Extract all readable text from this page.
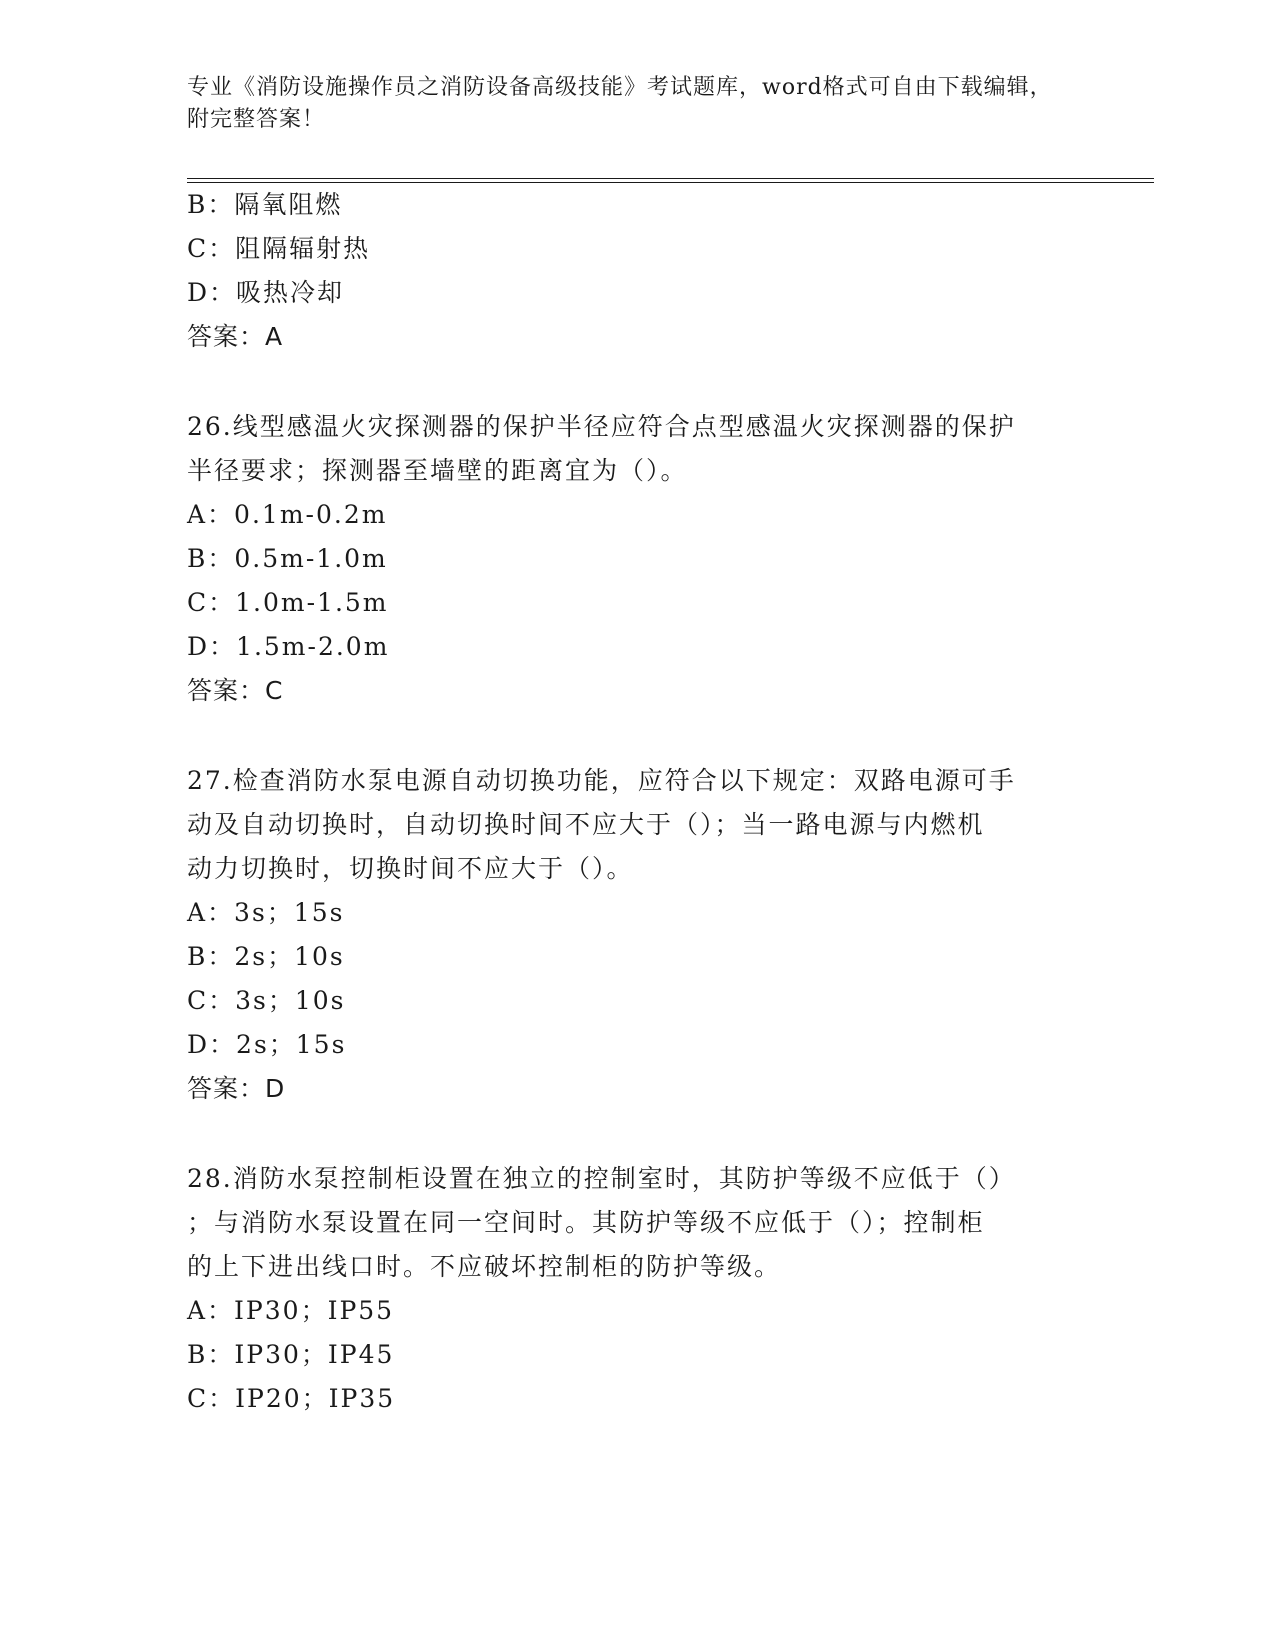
专业《消防设施操作员之消防设备高级技能》考试题库，word格式可自由下载编辑，附完整答案！

B：隔氧阻燃

C：阻隔辐射热

D：吸热冷却

答案：A

26.线型感温火灾探测器的保护半径应符合点型感温火灾探测器的保护

半径要求；探测器至墙壁的距离宜为（）。

A：0.1m-0.2m

B：0.5m-1.0m

C：1.0m-1.5m

D：1.5m-2.0m

答案：C

27.检查消防水泵电源自动切换功能，应符合以下规定：双路电源可手

动及自动切换时，自动切换时间不应大于（）；当一路电源与内燃机

动力切换时，切换时间不应大于（）。

A：3s；15s

B：2s；10s

C：3s；10s

D：2s；15s

答案：D

28.消防水泵控制柜设置在独立的控制室时，其防护等级不应低于（）

；与消防水泵设置在同一空间时。其防护等级不应低于（）；控制柜

的上下进出线口时。不应破坏控制柜的防护等级。

A：IP30；IP55

B：IP30；IP45

C：IP20；IP35
